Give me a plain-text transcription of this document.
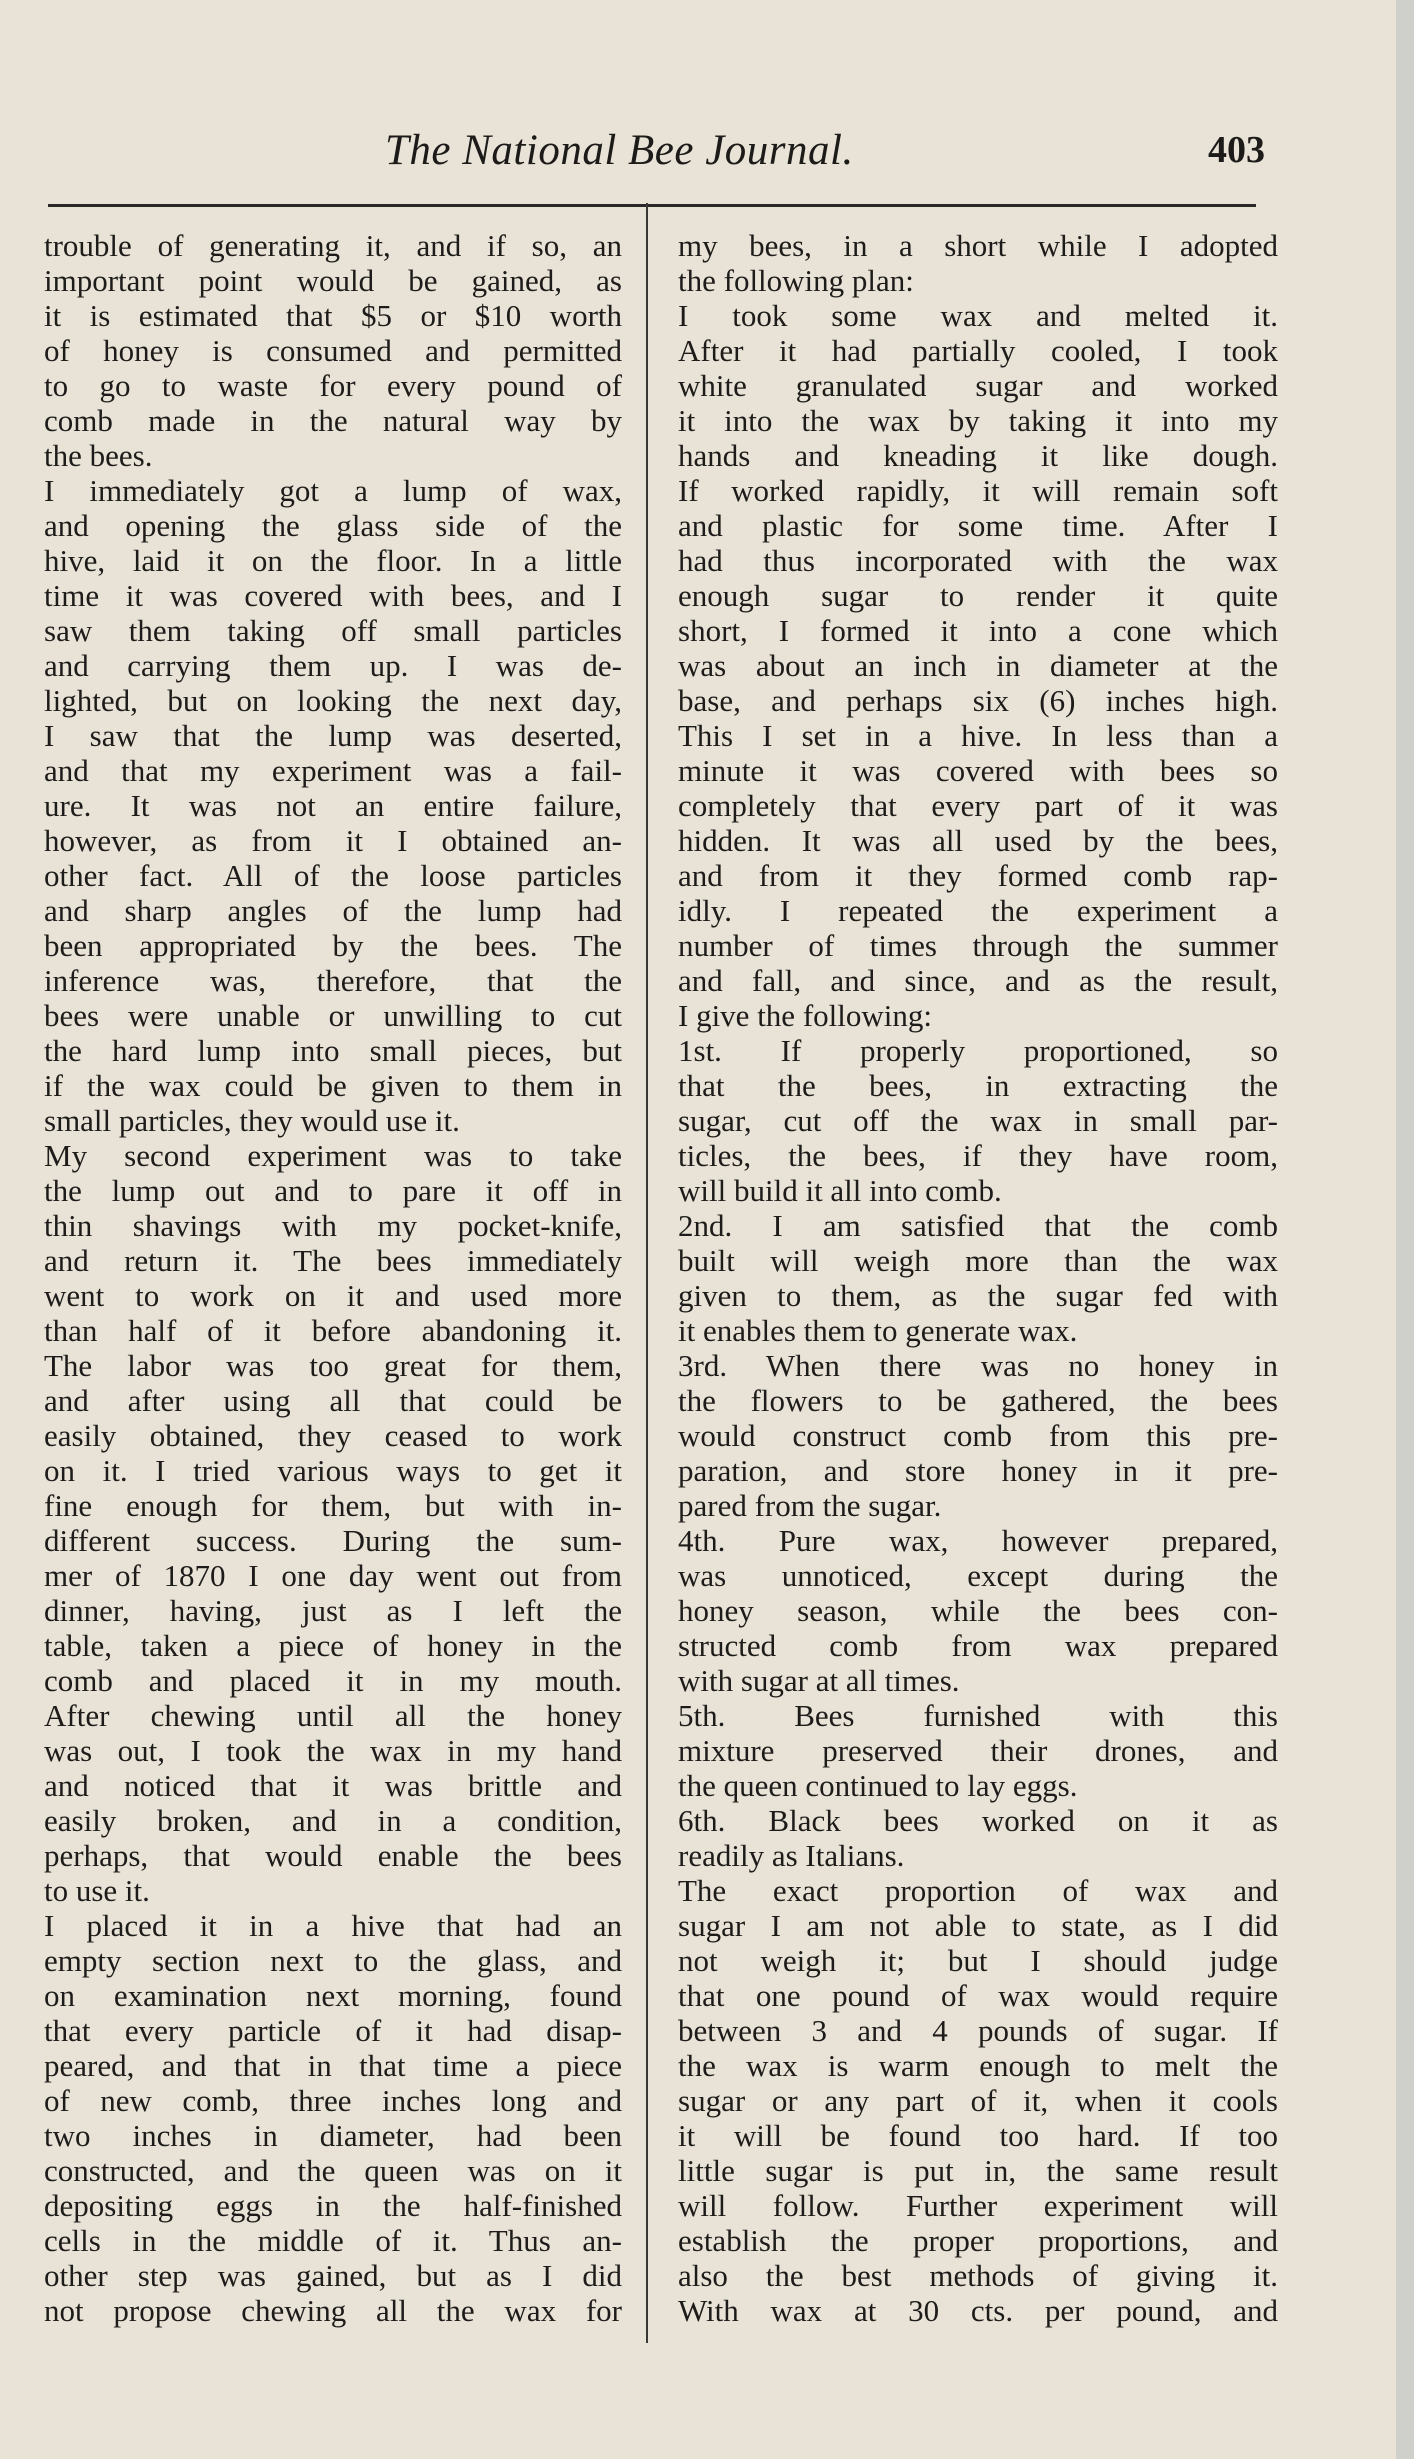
The National Bee Journal.	403
trouble of generating it, and if so, an
important point would be gained, as
it is estimated that $5 or $10 worth
of honey is consumed and permitted
to go to waste for every pound of
comb made in the natural way by
the bees.
I immediately got a lump of wax,
and opening the glass side of the
hive, laid it on the floor. In a little
time it was covered with bees, and I
saw them taking off small particles
and carrying them up. I was de-
lighted, but on looking the next day,
I saw that the lump was deserted,
and that my experiment was a fail-
ure. It was not an entire failure,
however, as from it I obtained an-
other fact. All of the loose particles
and sharp angles of the lump had
been appropriated by the bees. The
inference was, therefore, that the
bees were unable or unwilling to cut
the hard lump into small pieces, but
if the wax could be given to them in
small particles, they would use it.
My second experiment was to take
the lump out and to pare it off in
thin shavings with my pocket-knife,
and return it. The bees immediately
went to work on it and used more
than half of it before abandoning it.
The labor was too great for them,
and after using all that could be
easily obtained, they ceased to work
on it. I tried various ways to get it
fine enough for them, but with in-
different success. During the sum-
mer of 1870 I one day went out from
dinner, having, just as I left the
table, taken a piece of honey in the
comb and placed it in my mouth.
After chewing until all the honey
was out, I took the wax in my hand
and noticed that it was brittle and
easily broken, and in a condition,
perhaps, that would enable the bees
to use it.
I placed it in a hive that had an
empty section next to the glass, and
on examination next morning, found
that every particle of it had disap-
peared, and that in that time a piece
of new comb, three inches long and
two inches in diameter, had been
constructed, and the queen was on it
depositing eggs in the half-finished
cells in the middle of it. Thus an-
other step was gained, but as I did
not propose chewing all the wax for
my bees, in a short while I adopted
the following plan:
I took some wax and melted it.
After it had partially cooled, I took
white granulated sugar and worked
it into the wax by taking it into my
hands and kneading it like dough.
If worked rapidly, it will remain soft
and plastic for some time. After I
had thus incorporated with the wax
enough sugar to render it quite
short, I formed it into a cone which
was about an inch in diameter at the
base, and perhaps six (6) inches high.
This I set in a hive. In less than a
minute it was covered with bees so
completely that every part of it was
hidden. It was all used by the bees,
and from it they formed comb rap-
idly. I repeated the experiment a
number of times through the summer
and fall, and since, and as the result,
I give the following:
1st. If properly proportioned, so
that the bees, in extracting the
sugar, cut off the wax in small par-
ticles, the bees, if they have room,
will build it all into comb.
2nd. I am satisfied that the comb
built will weigh more than the wax
given to them, as the sugar fed with
it enables them to generate wax.
3rd. When there was no honey in
the flowers to be gathered, the bees
would construct comb from this pre-
paration, and store honey in it pre-
pared from the sugar.
4th. Pure wax, however prepared,
was unnoticed, except during the
honey season, while the bees con-
structed comb from wax prepared
with sugar at all times.
5th. Bees furnished with this
mixture preserved their drones, and
the queen continued to lay eggs.
6th. Black bees worked on it as
readily as Italians.
The exact proportion of wax and
sugar I am not able to state, as I did
not weigh it; but I should judge
that one pound of wax would require
between 3 and 4 pounds of sugar. If
the wax is warm enough to melt the
sugar or any part of it, when it cools
it will be found too hard. If too
little sugar is put in, the same result
will follow. Further experiment will
establish the proper proportions, and
also the best methods of giving it.
With wax at 30 cts. per pound, and
